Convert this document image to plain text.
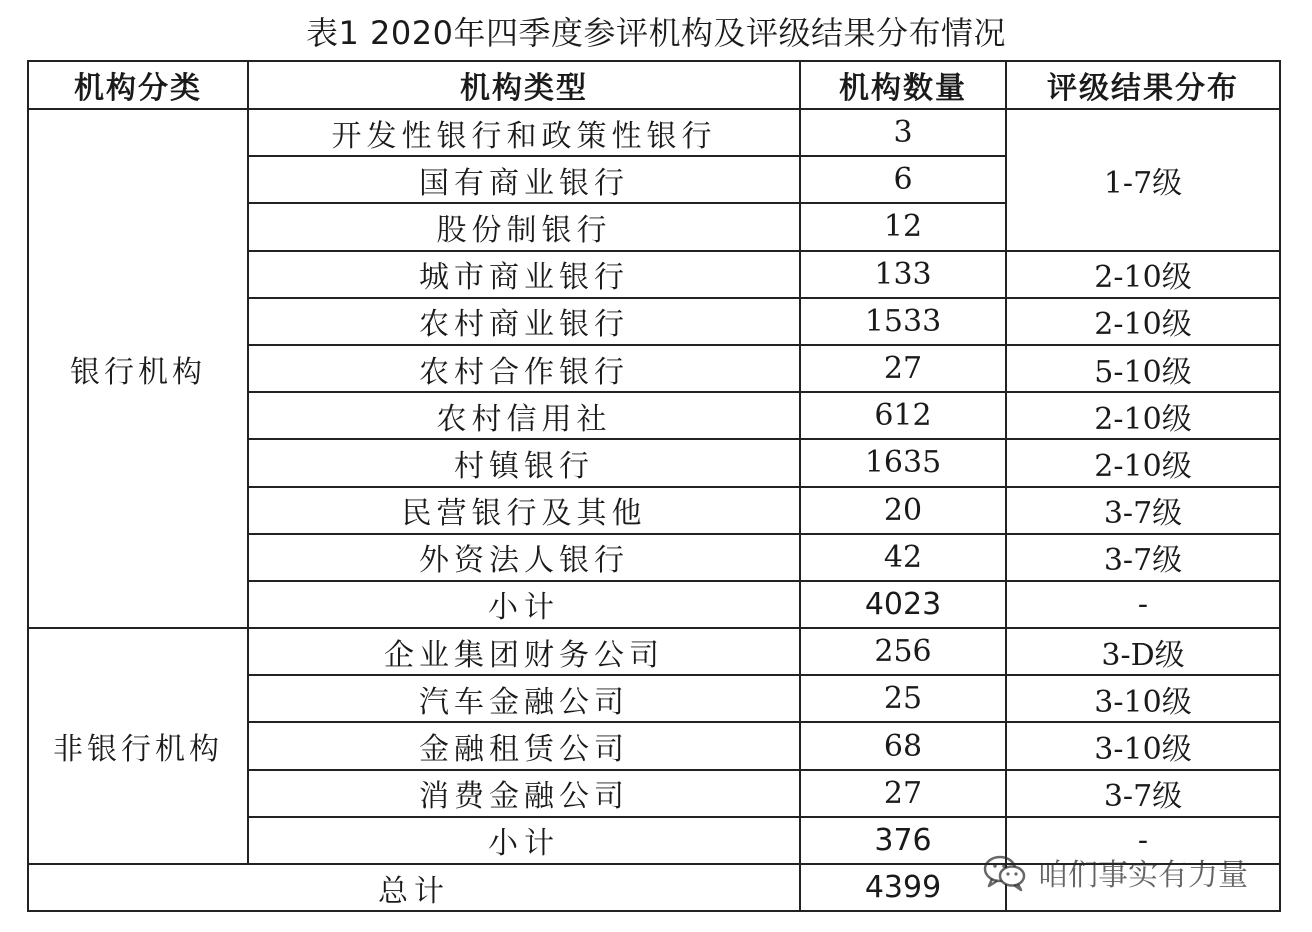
表1 2020年四季度参评机构及评级结果分布情况
机构分类	机构类型	机构数量	评级结果分布
银行机构	开发性银行和政策性银行	3	1-7级
	国有商业银行	6	
	股份制银行	12	
	城市商业银行	133	2-10级
	农村商业银行	1533	2-10级
	农村合作银行	27	5-10级
	农村信用社	612	2-10级
	村镇银行	1635	2-10级
	民营银行及其他	20	3-7级
	外资法人银行	42	3-7级
	小计	4023	-
非银行机构	企业集团财务公司	256	3-D级
	汽车金融公司	25	3-10级
	金融租赁公司	68	3-10级
	消费金融公司	27	3-7级
	小计	376	-
总计		4399		咱们事实有力量
